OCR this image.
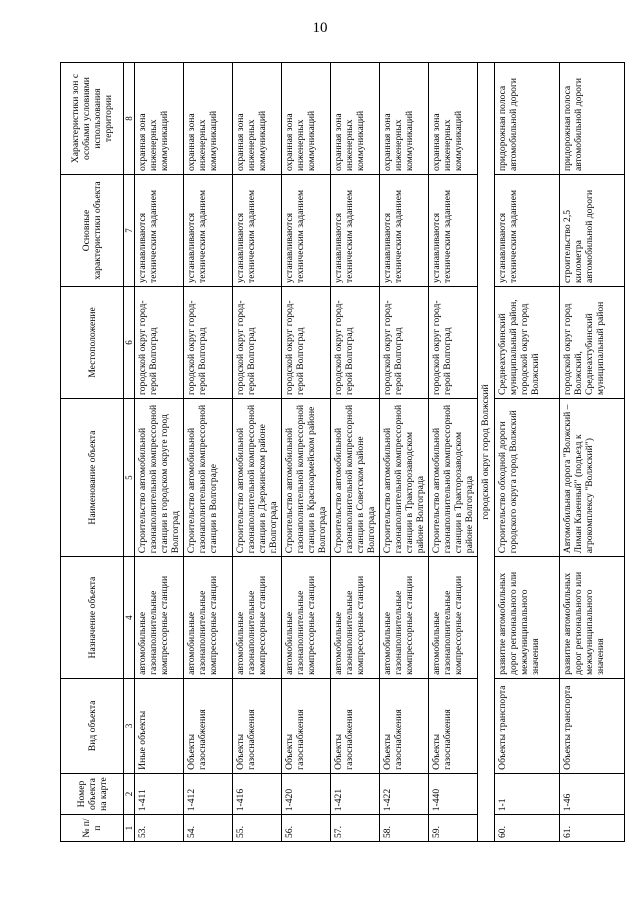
10
№ п/п	Номер объекта на карте	Вид объекта	Назначение объекта	Наименование объекта	Местоположение	Основные характеристики объекта	Характеристики зон с особыми условиями использования территории
1	2	3	4	5	6	7	8
53.	1-411	Иные объекты	автомобильные газонаполнительные компрессорные станции	Строительство автомобильной газонаполнительной компрессорной станции в городском округе город Волгоград	городской округ город-герой Волгоград	устанавливаются техническим заданием	охранная зона инженерных коммуникаций
54.	1-412	Объекты газоснабжения	автомобильные газонаполнительные компрессорные станции	Строительство автомобильной газонаполнительной компрессорной станции в Волгограде	городской округ город-герой Волгоград	устанавливаются техническим заданием	охранная зона инженерных коммуникаций
55.	1-416	Объекты газоснабжения	автомобильные газонаполнительные компрессорные станции	Строительство автомобильной газонаполнительной компрессорной станции в Дзержинском районе г.Волгограда	городской округ город-герой Волгоград	устанавливаются техническим заданием	охранная зона инженерных коммуникаций
56.	1-420	Объекты газоснабжения	автомобильные газонаполнительные компрессорные станции	Строительство автомобильной газонаполнительной компрессорной станции в Красноармейском районе Волгограда	городской округ город-герой Волгоград	устанавливаются техническим заданием	охранная зона инженерных коммуникаций
57.	1-421	Объекты газоснабжения	автомобильные газонаполнительные компрессорные станции	Строительство автомобильной газонаполнительной компрессорной станции в Советском районе Волгограда	городской округ город-герой Волгоград	устанавливаются техническим заданием	охранная зона инженерных коммуникаций
58.	1-422	Объекты газоснабжения	автомобильные газонаполнительные компрессорные станции	Строительство автомобильной газонаполнительной компрессорной станции в Тракторозаводском районе Волгограда	городской округ город-герой Волгоград	устанавливаются техническим заданием	охранная зона инженерных коммуникаций
59.	1-440	Объекты газоснабжения	автомобильные газонаполнительные компрессорные станции	Строительство автомобильной газонаполнительной компрессорной станции в Тракторозаводском районе Волгограда	городской округ город-герой Волгоград	устанавливаются техническим заданием	охранная зона инженерных коммуникаций
городской округ город Волжский							
60.	1-1	Объекты транспорта	развитие автомобильных дорог регионального или межмуниципального значения	Строительство обходной дороги городского округа город Волжский	Среднеахтубинский муниципальный район, городской округ город Волжский	устанавливаются техническим заданием	придорожная полоса автомобильной дороги
61.	1-46	Объекты транспорта	развитие автомобильных дорог регионального или межмуниципального значения	Автомобильная дорога "Волжский – Лиман Казенный" (подъезд к агрокомплексу "Волжский")	городской округ город Волжский, Среднеахтубинский муниципальный район	строительство 2,5 километра автомобильной дороги	придорожная полоса автомобильной дороги
